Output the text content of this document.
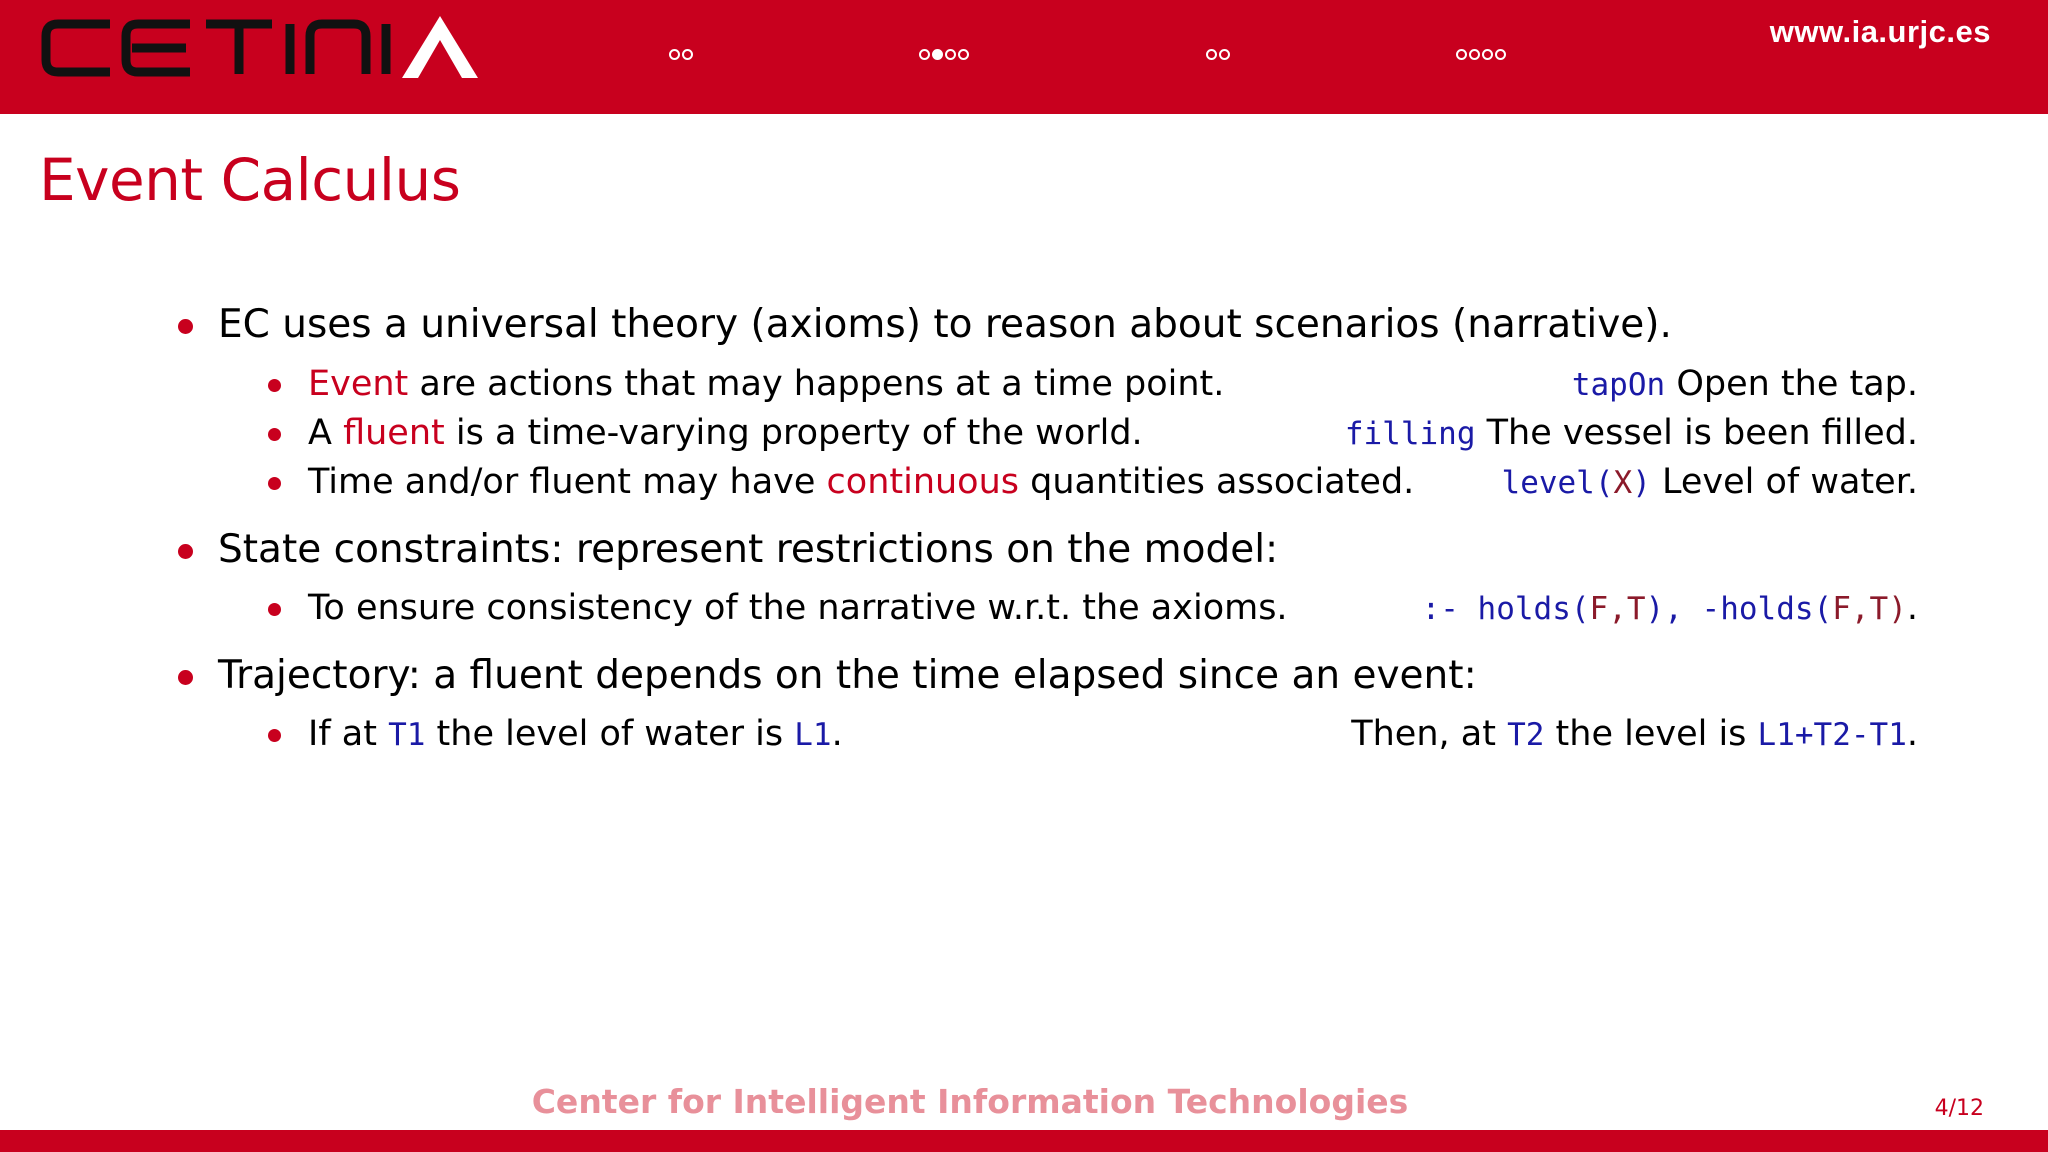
www.ia.urjc.es
Event Calculus
EC uses a universal theory (axioms) to reason about scenarios (narrative).
Event are actions that may happens at a time point.	tapOn Open the tap.
A fluent is a time-varying property of the world.	filling The vessel is been filled.
Time and/or fluent may have continuous quantities associated.	level(X) Level of water.
State constraints: represent restrictions on the model:
To ensure consistency of the narrative w.r.t. the axioms.	:- holds(F,T), -holds(F,T).
Trajectory: a fluent depends on the time elapsed since an event:
If at T1 the level of water is L1.	Then, at T2 the level is L1+T2-T1.
Center for Intelligent Information Technologies	4/12
